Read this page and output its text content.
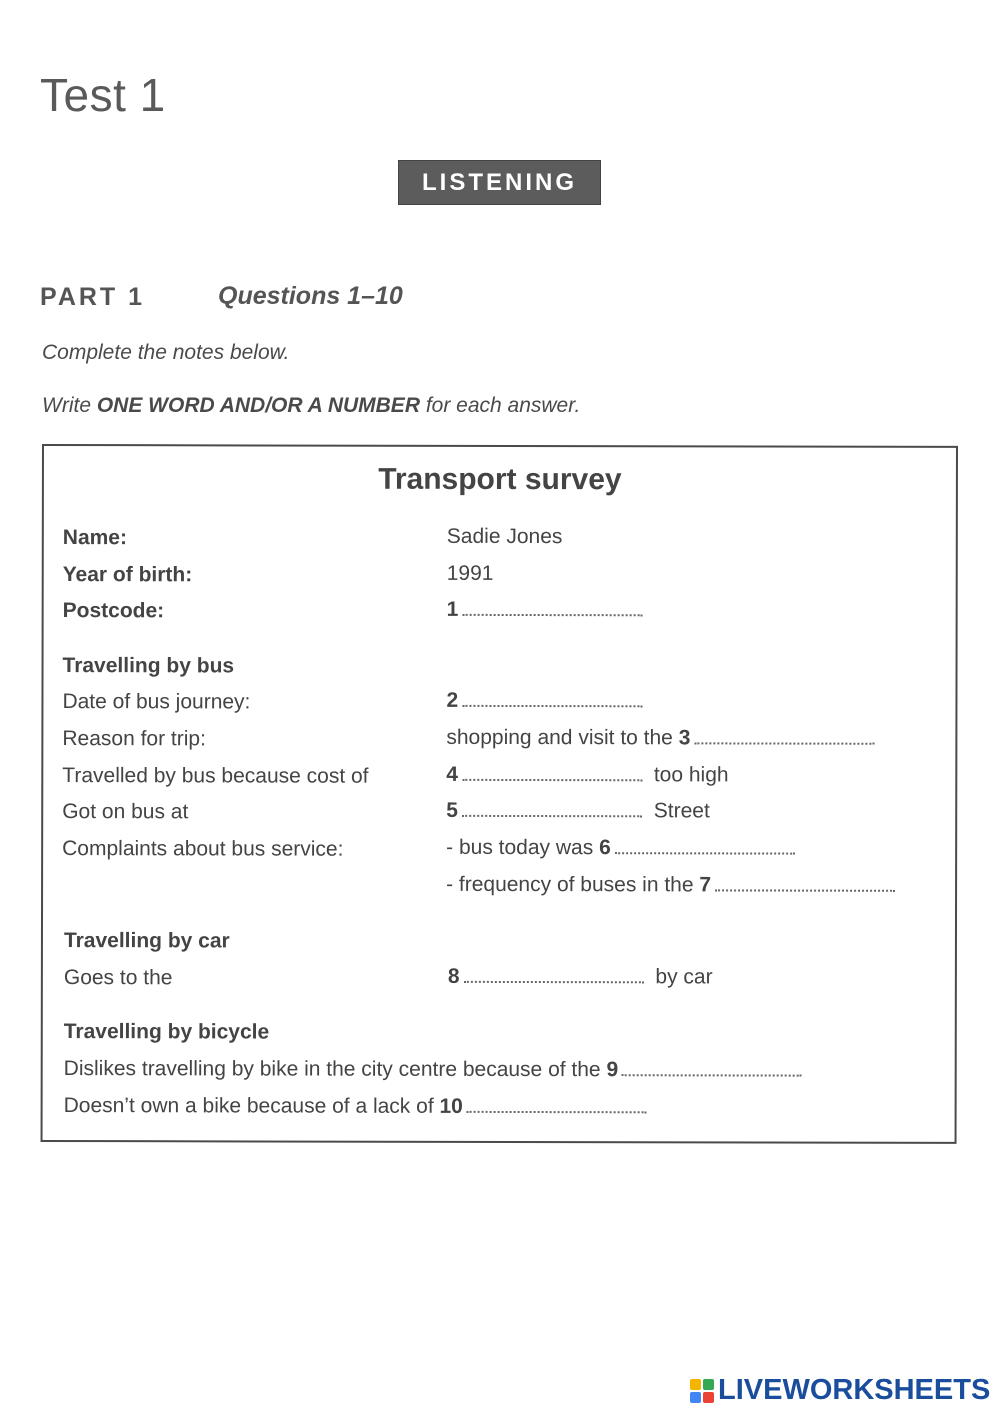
Test 1
LISTENING
PART 1	Questions 1–10
Complete the notes below.
Write ONE WORD AND/OR A NUMBER for each answer.
Transport survey
Name:	Sadie Jones
Year of birth:	1991
Postcode:	1
Travelling by bus
Date of bus journey:	2
Reason for trip:	shopping and visit to the 3
Travelled by bus because cost of	4	too high
Got on bus at	5	Street
Complaints about bus service:	- bus today was 6
- frequency of buses in the 7
Travelling by car
Goes to the	8	by car
Travelling by bicycle
Dislikes travelling by bike in the city centre because of the 9
Doesn’t own a bike because of a lack of 10
LIVEWORKSHEETS
